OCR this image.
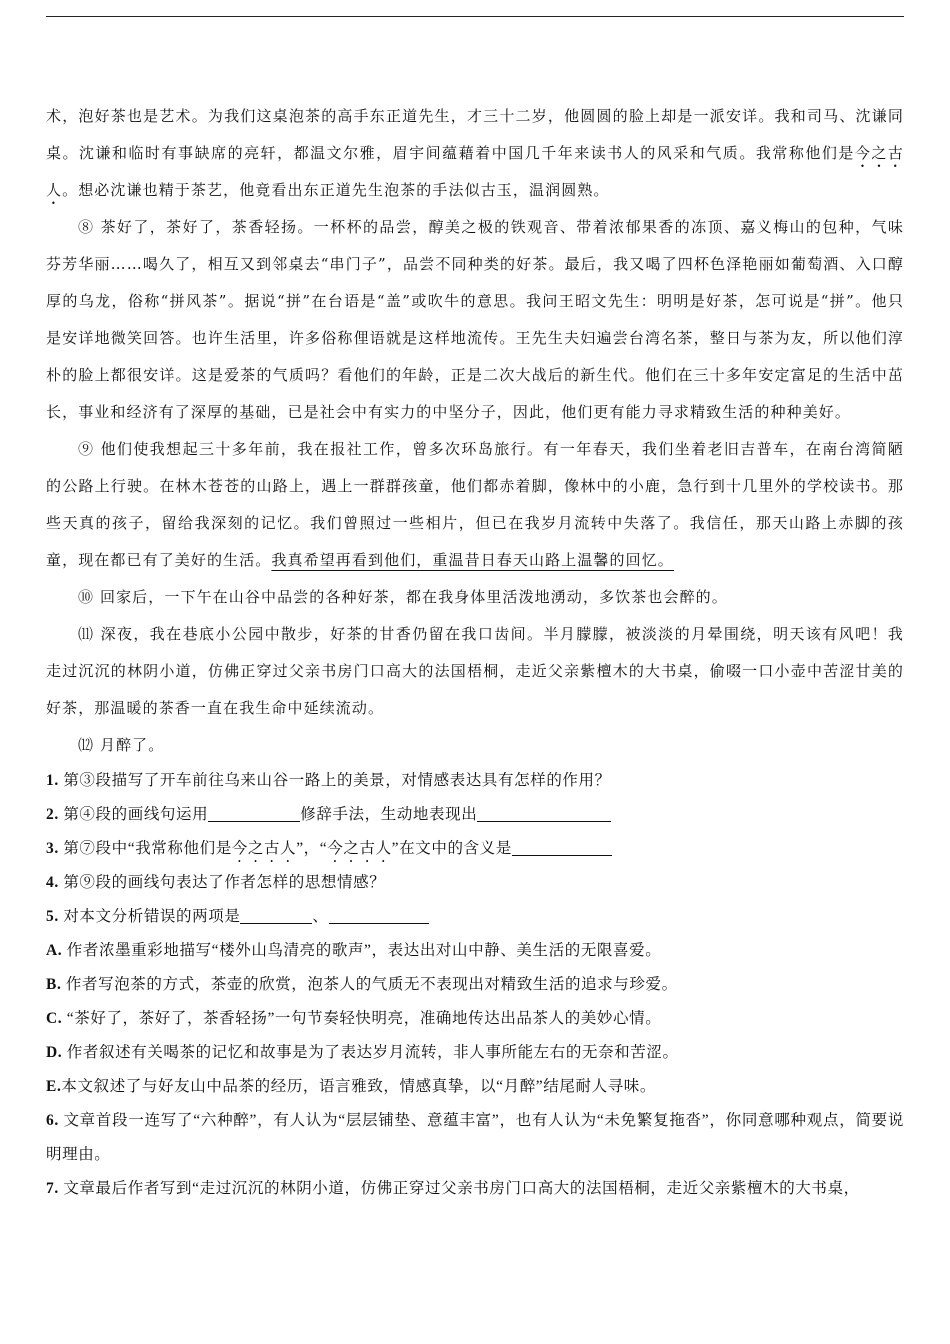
术，泡好茶也是艺术。为我们这桌泡茶的高手东正道先生，才三十二岁，他圆圆的脸上却是一派安详。我和司马、沈谦同桌。沈谦和临时有事缺席的亮轩，都温文尔雅，眉宇间蕴藉着中国几千年来读书人的风采和气质。我常称他们是今之古人。想必沈谦也精于茶艺，他竟看出东正道先生泡茶的手法似古玉，温润圆熟。

⑧ 茶好了，茶好了，茶香轻扬。一杯杯的品尝，醇美之极的铁观音、带着浓郁果香的冻顶、嘉义梅山的包种，气味芬芳华丽……喝久了，相互又到邻桌去“串门子”，品尝不同种类的好茶。最后，我又喝了四杯色泽艳丽如葡萄酒、入口醇厚的乌龙，俗称“拼风茶”。据说“拼”在台语是“盖”或吹牛的意思。我问王昭文先生：明明是好茶，怎可说是“拼”。他只是安详地微笑回答。也许生活里，许多俗称俚语就是这样地流传。王先生夫妇遍尝台湾名茶，整日与茶为友，所以他们淳朴的脸上都很安详。这是爱茶的气质吗？看他们的年龄，正是二次大战后的新生代。他们在三十多年安定富足的生活中茁长，事业和经济有了深厚的基础，已是社会中有实力的中坚分子，因此，他们更有能力寻求精致生活的种种美好。

⑨ 他们使我想起三十多年前，我在报社工作，曾多次环岛旅行。有一年春天，我们坐着老旧吉普车，在南台湾简陋的公路上行驶。在林木苍苍的山路上，遇上一群群孩童，他们都赤着脚，像林中的小鹿，急行到十几里外的学校读书。那些天真的孩子，留给我深刻的记忆。我们曾照过一些相片，但已在我岁月流转中失落了。我信任，那天山路上赤脚的孩童，现在都已有了美好的生活。我真希望再看到他们，重温昔日春天山路上温馨的回忆。

⑩ 回家后，一下午在山谷中品尝的各种好茶，都在我身体里活泼地湧动，多饮茶也会醉的。

⑾ 深夜，我在巷底小公园中散步，好茶的甘香仍留在我口齿间。半月朦朦，被淡淡的月晕围绕，明天该有风吧！我走过沉沉的林阴小道，仿佛正穿过父亲书房门口高大的法国梧桐，走近父亲紫檀木的大书桌，偷啜一口小壶中苦涩甘美的好茶，那温暖的茶香一直在我生命中延续流动。

⑿ 月醉了。

1. 第③段描写了开车前往乌来山谷一路上的美景，对情感表达具有怎样的作用？

2. 第④段的画线句运用	修辞手法，生动地表现出

3. 第⑦段中“我常称他们是今之古人”，“今之古人”在文中的含义是

4. 第⑨段的画线句表达了作者怎样的思想情感？

5. 对本文分析错误的两项是	、

A. 作者浓墨重彩地描写“楼外山鸟清亮的歌声”，表达出对山中静、美生活的无限喜爱。

B. 作者写泡茶的方式，茶壶的欣赏，泡茶人的气质无不表现出对精致生活的追求与珍爱。

C. “茶好了，茶好了，茶香轻扬”一句节奏轻快明亮，准确地传达出品茶人的美妙心情。

D. 作者叙述有关喝茶的记忆和故事是为了表达岁月流转，非人事所能左右的无奈和苦涩。

E.本文叙述了与好友山中品茶的经历，语言雅致，情感真挚，以“月醉”结尾耐人寻味。

6. 文章首段一连写了“六种醉”，有人认为“层层铺垫、意蕴丰富”，也有人认为“未免繁复拖沓”，你同意哪种观点，简要说明理由。

7. 文章最后作者写到“走过沉沉的林阴小道，仿佛正穿过父亲书房门口高大的法国梧桐，走近父亲紫檀木的大书桌，
